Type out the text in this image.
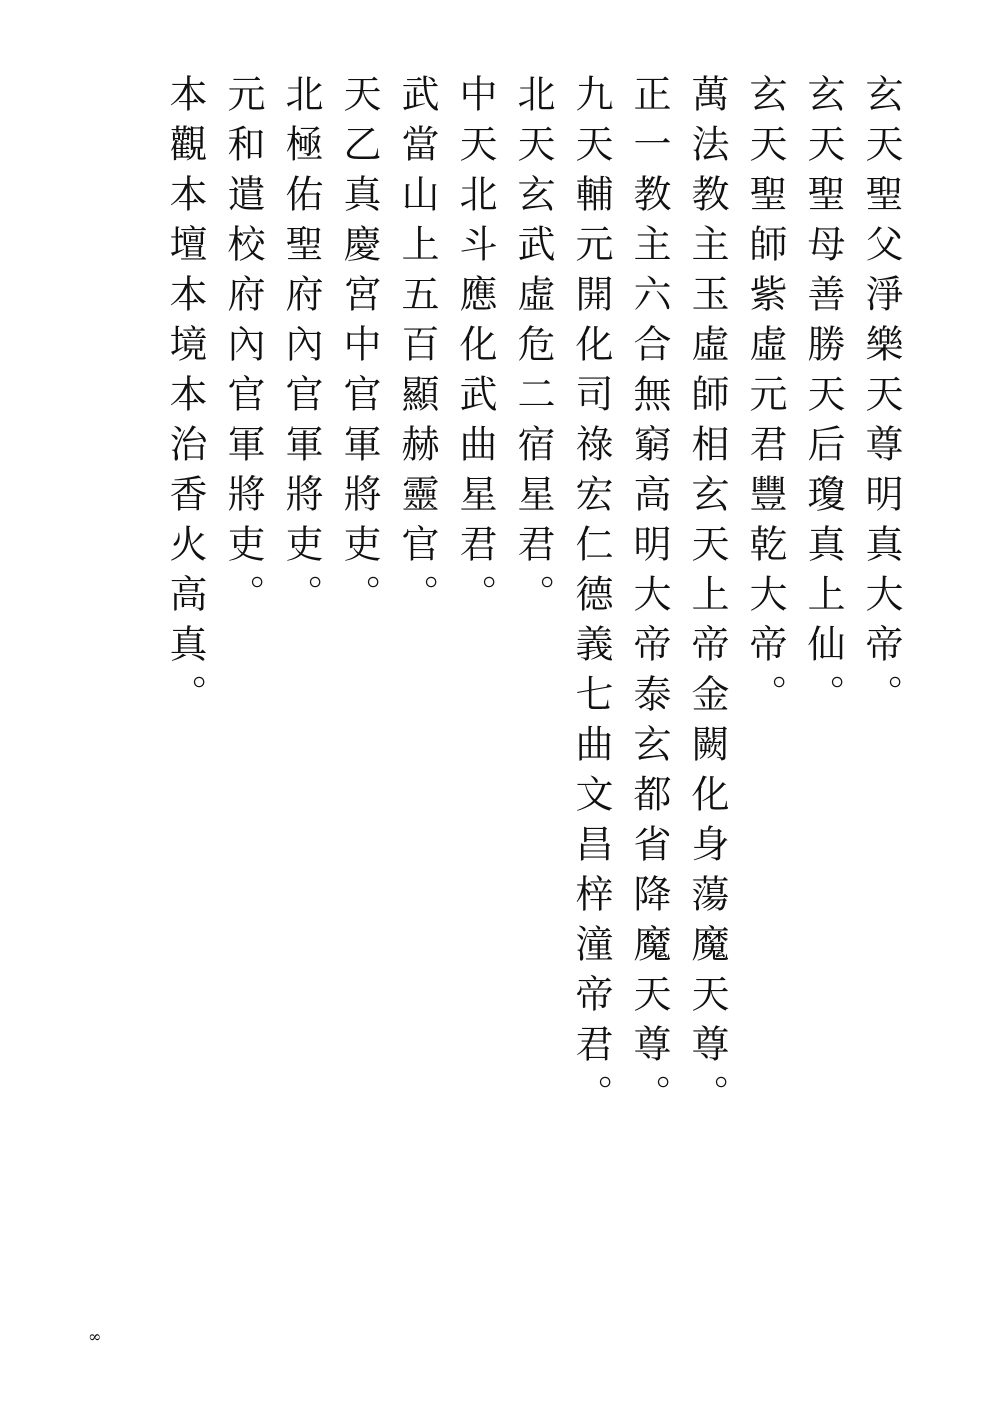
玄天聖父淨樂天尊明真大帝。
玄天聖母善勝天后瓊真上仙。
玄天聖師紫虛元君豐乾大帝。
萬法教主玉虛師相玄天上帝金闕化身蕩魔天尊。
正一教主六合無窮高明大帝泰玄都省降魔天尊。
九天輔元開化司祿宏仁德義七曲文昌梓潼帝君。
北天玄武虛危二宿星君。
中天北斗應化武曲星君。
武當山上五百顯赫靈官。
天乙真慶宮中官軍將吏。
北極佑聖府內官軍將吏。
元和遣校府內官軍將吏。
本觀本壇本境本治香火高真。
∞
